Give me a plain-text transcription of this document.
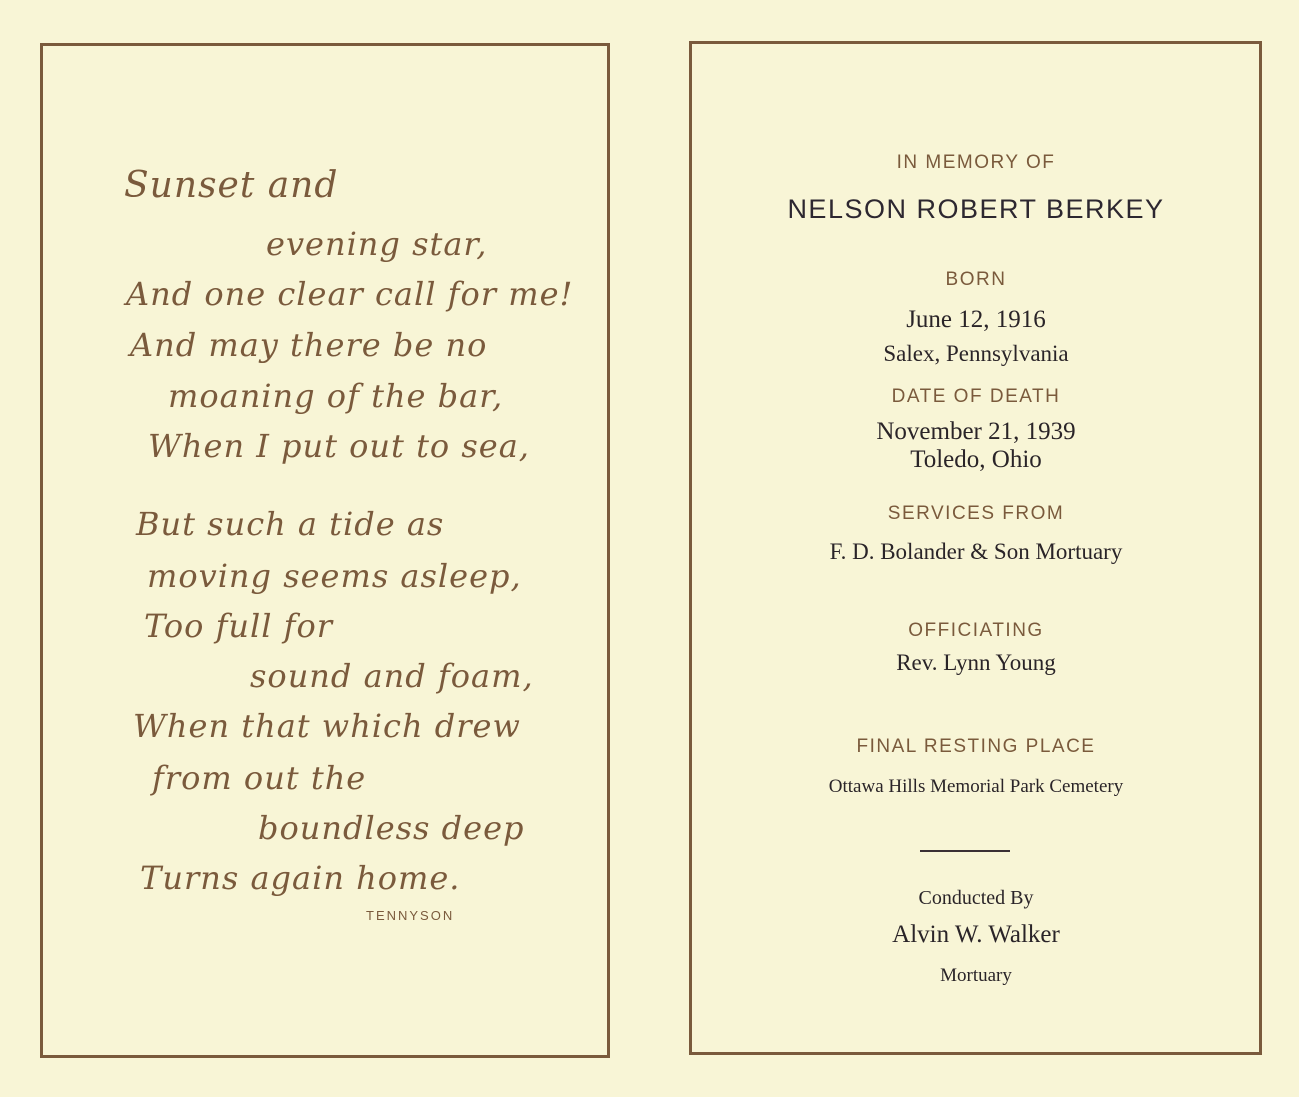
Sunset and
evening star,
And one clear call for me!
And may there be no
moaning of the bar,
When I put out to sea,
But such a tide as
moving seems asleep,
Too full for
sound and foam,
When that which drew
from out the
boundless deep
Turns again home.
TENNYSON
IN MEMORY OF
NELSON ROBERT BERKEY
BORN
June 12, 1916
Salex, Pennsylvania
DATE OF DEATH
November 21, 1939
Toledo, Ohio
SERVICES FROM
F. D. Bolander & Son Mortuary
OFFICIATING
Rev. Lynn Young
FINAL RESTING PLACE
Ottawa Hills Memorial Park Cemetery
Conducted By
Alvin W. Walker
Mortuary
